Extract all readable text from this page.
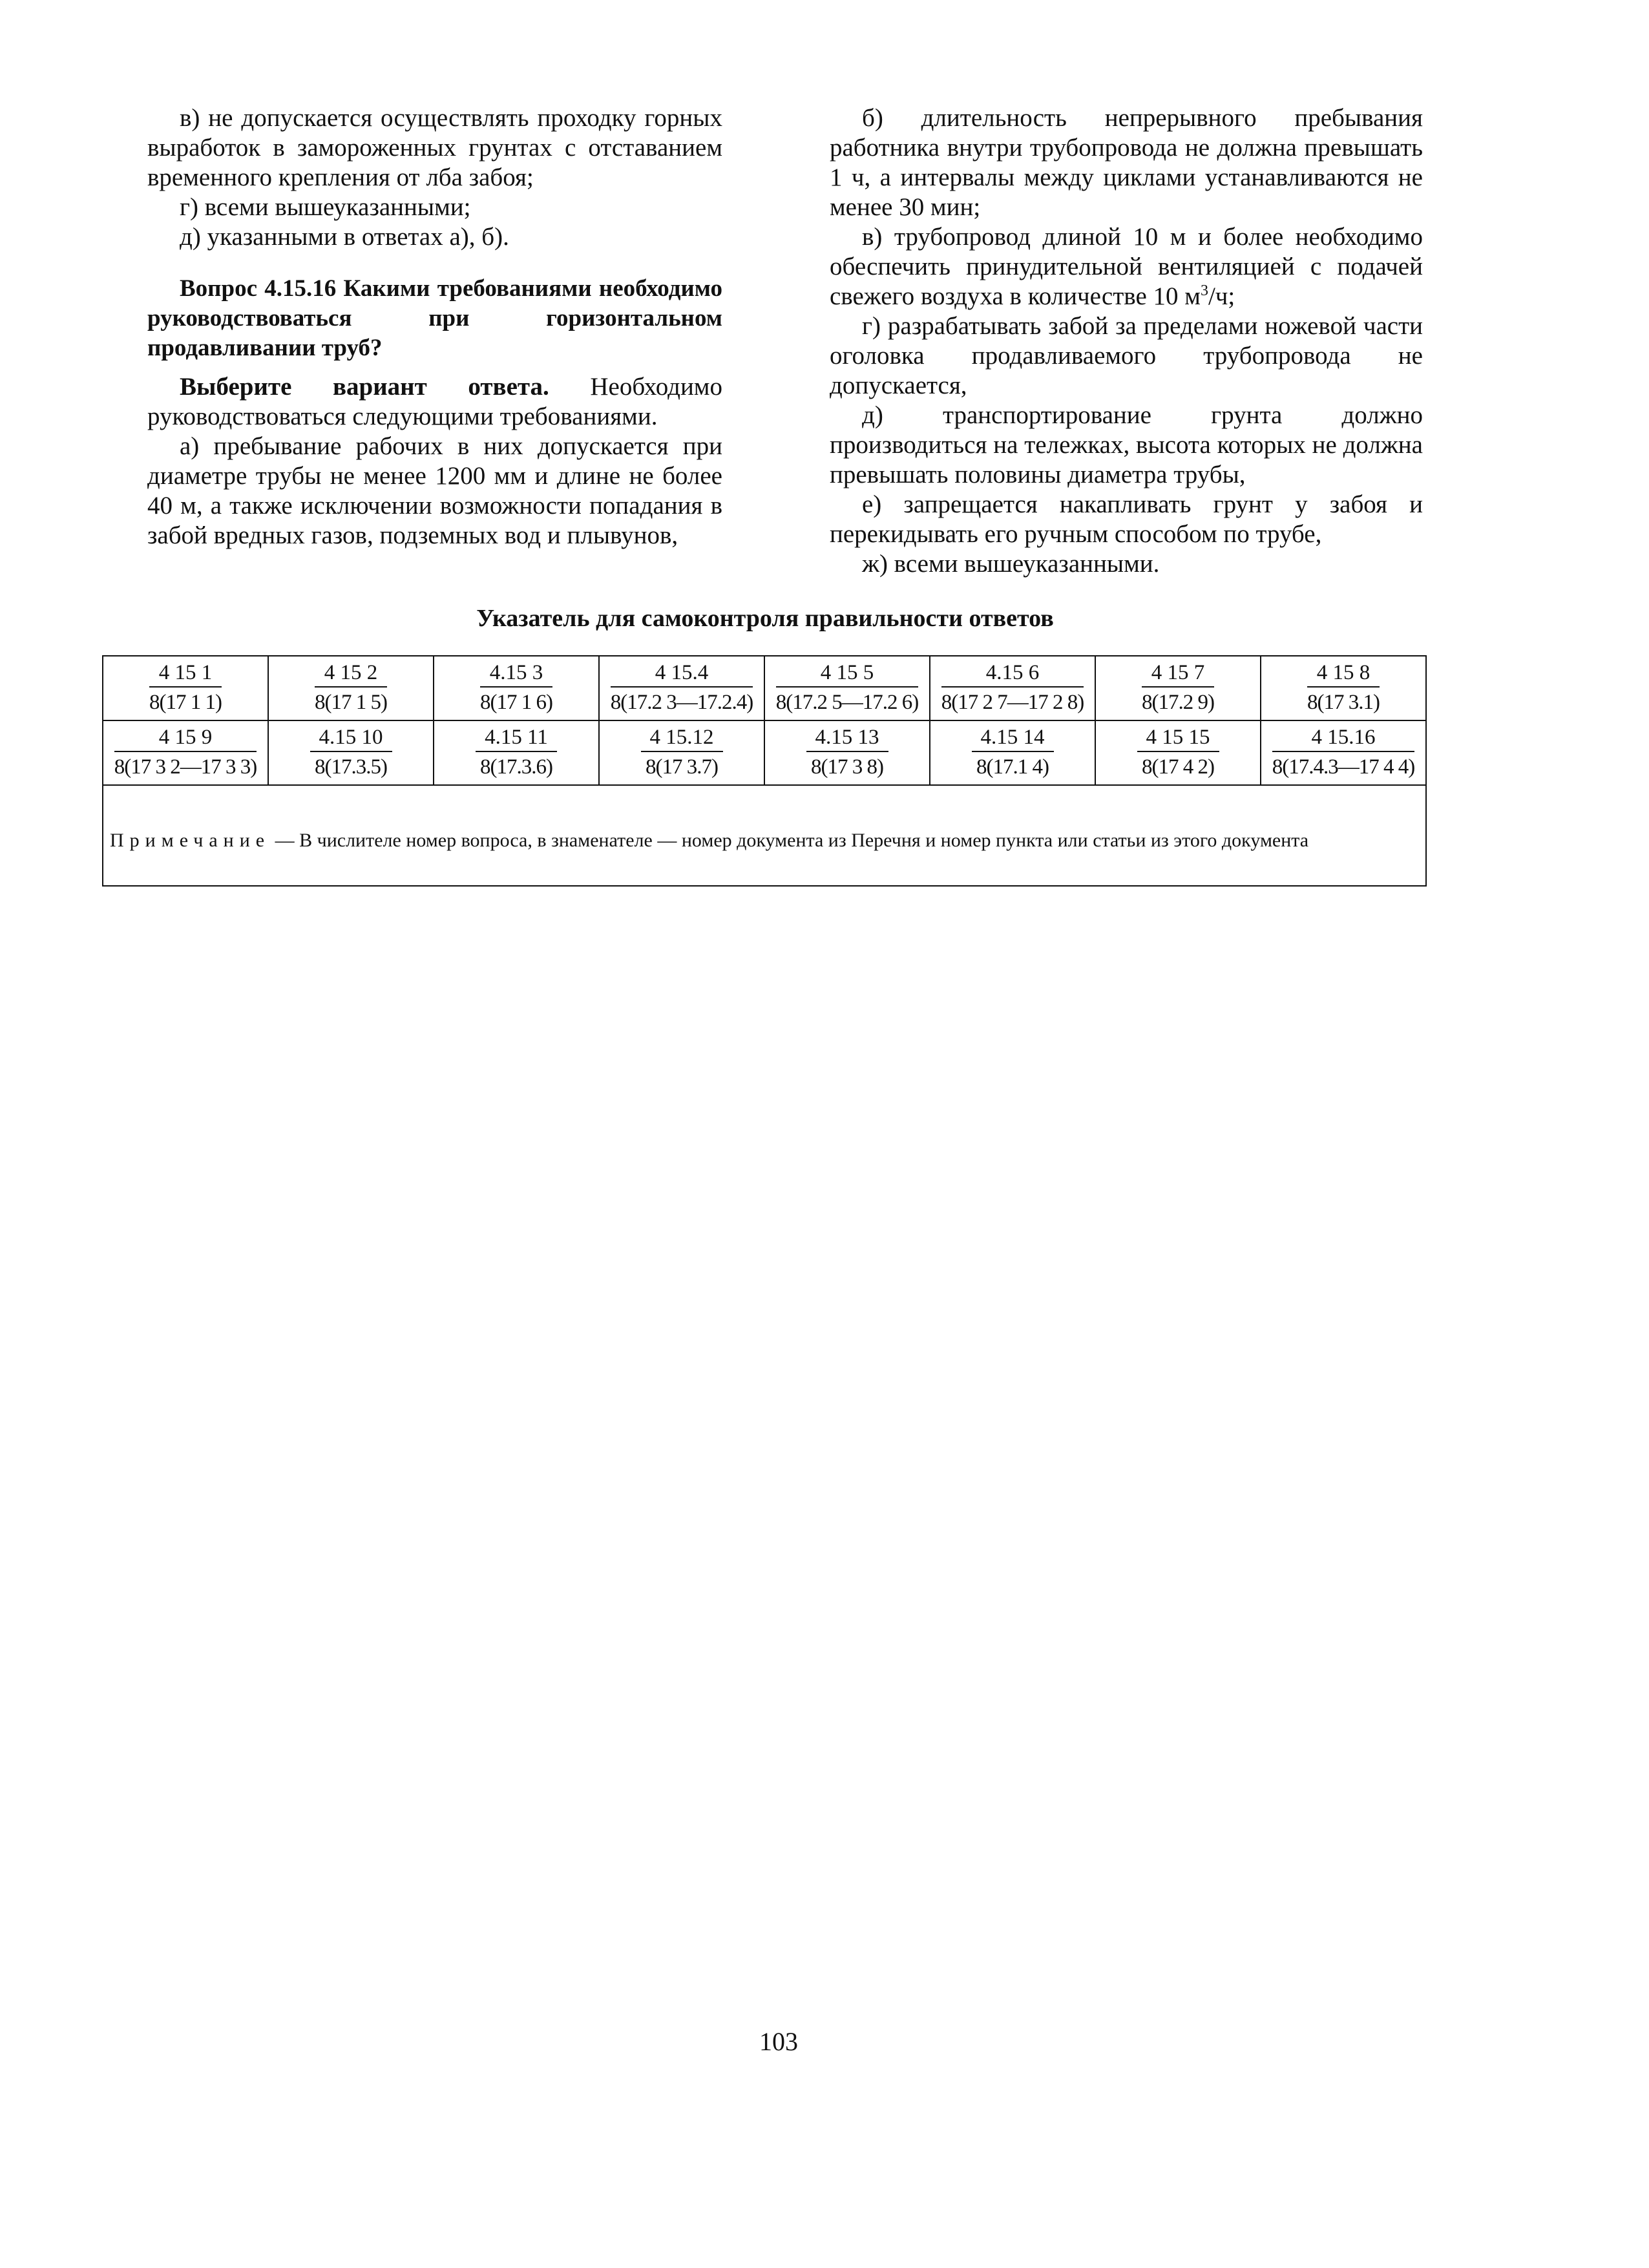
в) не допускается осуществлять проходку горных выработок в замороженных грунтах с отставанием временного крепления от лба забоя;

г) всеми вышеуказанными;

д) указанными в ответах а), б).

Вопрос 4.15.16 Какими требованиями необходимо руководствоваться при горизонтальном продавливании труб?

Выберите вариант ответа. Необходимо руководствоваться следующими требованиями.

а) пребывание рабочих в них допускается при диаметре трубы не менее 1200 мм и длине не более 40 м, а также исключении возможности попадания в забой вредных газов, подземных вод и плывунов,

б) длительность непрерывного пребывания работника внутри трубопровода не должна превышать 1 ч, а интервалы между циклами устанавливаются не менее 30 мин;

в) трубопровод длиной 10 м и более необходимо обеспечить принудительной вентиляцией с подачей свежего воздуха в количестве 10 $м^3/ч$;

г) разрабатывать забой за пределами ножевой части оголовка продавливаемого трубопровода не допускается,

д) транспортирование грунта должно производиться на тележках, высота которых не должна превышать половины диаметра трубы,

е) запрещается накапливать грунт у забоя и перекидывать его ручным способом по трубе,

ж) всеми вышеуказанными.

Указатель для самоконтроля правильности ответов

$\frac{4 15 1}{8(17 1 1)}$	$\frac{4 15 2}{8(17 1 5)}$	$\frac{4.15 3}{8(17 1 6)}$	$\frac{4 15.4}{8(17.2 3—17.2.4)}$	$\frac{4 15 5}{8(17.2 5—17.2 6)}$	$\frac{4.15 6}{8(17 2 7—17 2 8)}$	$\frac{4 15 7}{8(17.2 9)}$	$\frac{4 15 8}{8(17 3.1)}$

$\frac{4 15 9}{8(17 3 2—17 3 3)}$	$\frac{4.15 10}{8(17.3.5)}$	$\frac{4.15 11}{8(17.3.6)}$	$\frac{4 15.12}{8(17 3.7)}$	$\frac{4.15 13}{8(17 3 8)}$	$\frac{4.15 14}{8(17.1 4)}$	$\frac{4 15 15}{8(17 4 2)}$	$\frac{4 15.16}{8(17.4.3—17 4 4)}$

Примечание — В числителе номер вопроса, в знаменателе — номер документа из Перечня и номер пункта или статьи из этого документа							

103
